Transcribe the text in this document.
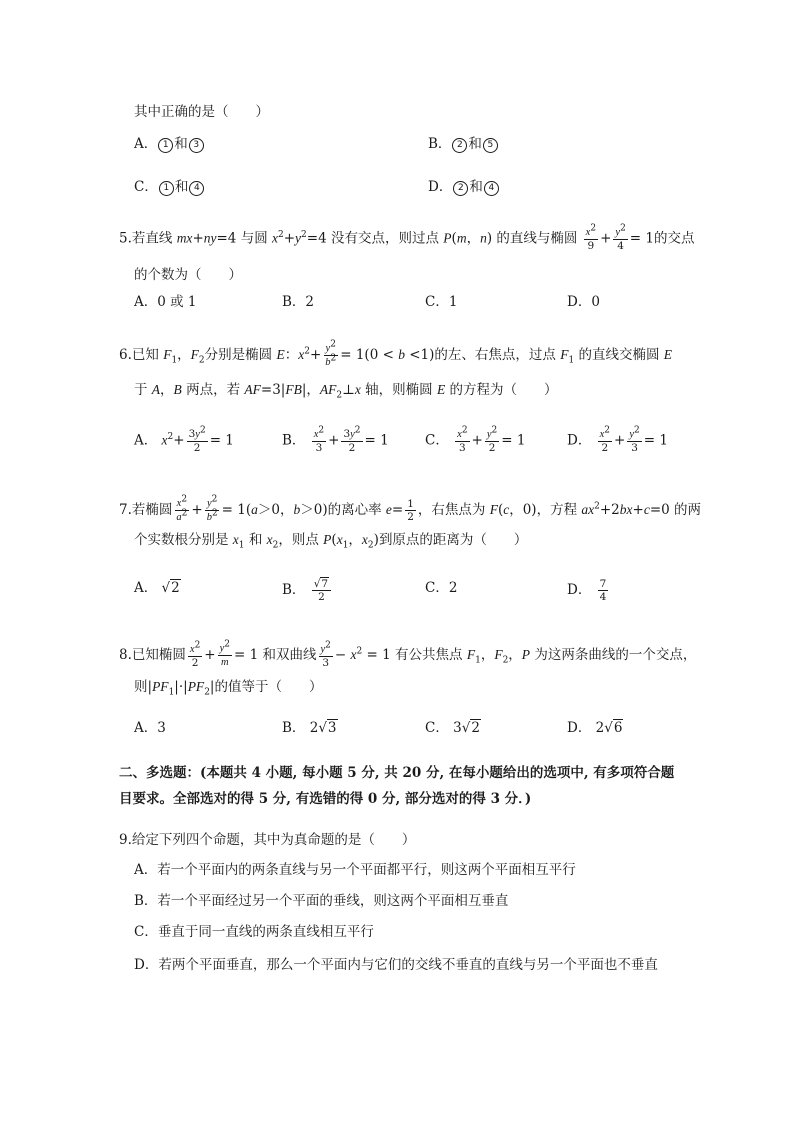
其中正确的是（　　）
A． 1 和 3	B． 2 和 5
C． 1 和 4	D． 2 和 4
5.若直线 mx+ny=4 与圆 $x^2+y^2=4$ 没有交点，则过点 P(m，n) 的直线与椭圆 $\frac{x^2}{9} + \frac{y^2}{4} = 1$的交点
的个数为（　　）
A．0 或 1	B．2	C．1	D．0
6.已知 $F_1$，$F_2$分别是椭圆 E：$x^2+ \frac{y^2}{b^2} = 1(0 < b <1)$的左、右焦点，过点 $F_1$ 的直线交椭圆 E
于 A，B 两点，若 AF=3|FB|，$AF_2\perp x$ 轴，则椭圆 E 的方程为（　　）
A． $x^2+ \frac{3y^2}{2} = 1$	B． $\frac{x^2}{3} + \frac{3y^2}{2} = 1$	C． $\frac{x^2}{3} + \frac{y^2}{2} = 1$	D． $\frac{x^2}{2} + \frac{y^2}{3} = 1$
7.若椭圆 $\frac{x^2}{a^2} + \frac{y^2}{b^2} = 1(a>0$，b＞0)的离心率 $e= \frac{1}{2}$ ，右焦点为 F(c，0)，方程 $ax^2+2bx+c=0$ 的两
个实数根分别是 $x_1$ 和 $x_2$，则点 $P(x_1$，$x_2$)到原点的距离为（　　）
A． √2	B． $\frac{√7}{2}$	C．2	D． $\frac{7}{4}$
8.已知椭圆 $\frac{x^2}{2} + \frac{y^2}{m} = 1$ 和双曲线 $\frac{y^2}{3} - x^2 = 1$ 有公共焦点 $F_1$，$F_2$，P 为这两条曲线的一个交点，
则$|PF_1|\cdot|PF_2|$的值等于（　　）
A．3	B． 2√3	C． 3√2	D． 2√6
二、多选题：(本题共 4 小题, 每小题 5 分, 共 20 分, 在每小题给出的选项中, 有多项符合题
目要求。全部选对的得 5 分, 有选错的得 0 分, 部分选对的得 3 分．)
9.给定下列四个命题，其中为真命题的是（　　）
A．若一个平面内的两条直线与另一个平面都平行，则这两个平面相互平行
B．若一个平面经过另一个平面的垂线，则这两个平面相互垂直
C．垂直于同一直线的两条直线相互平行
D．若两个平面垂直，那么一个平面内与它们的交线不垂直的直线与另一个平面也不垂直
